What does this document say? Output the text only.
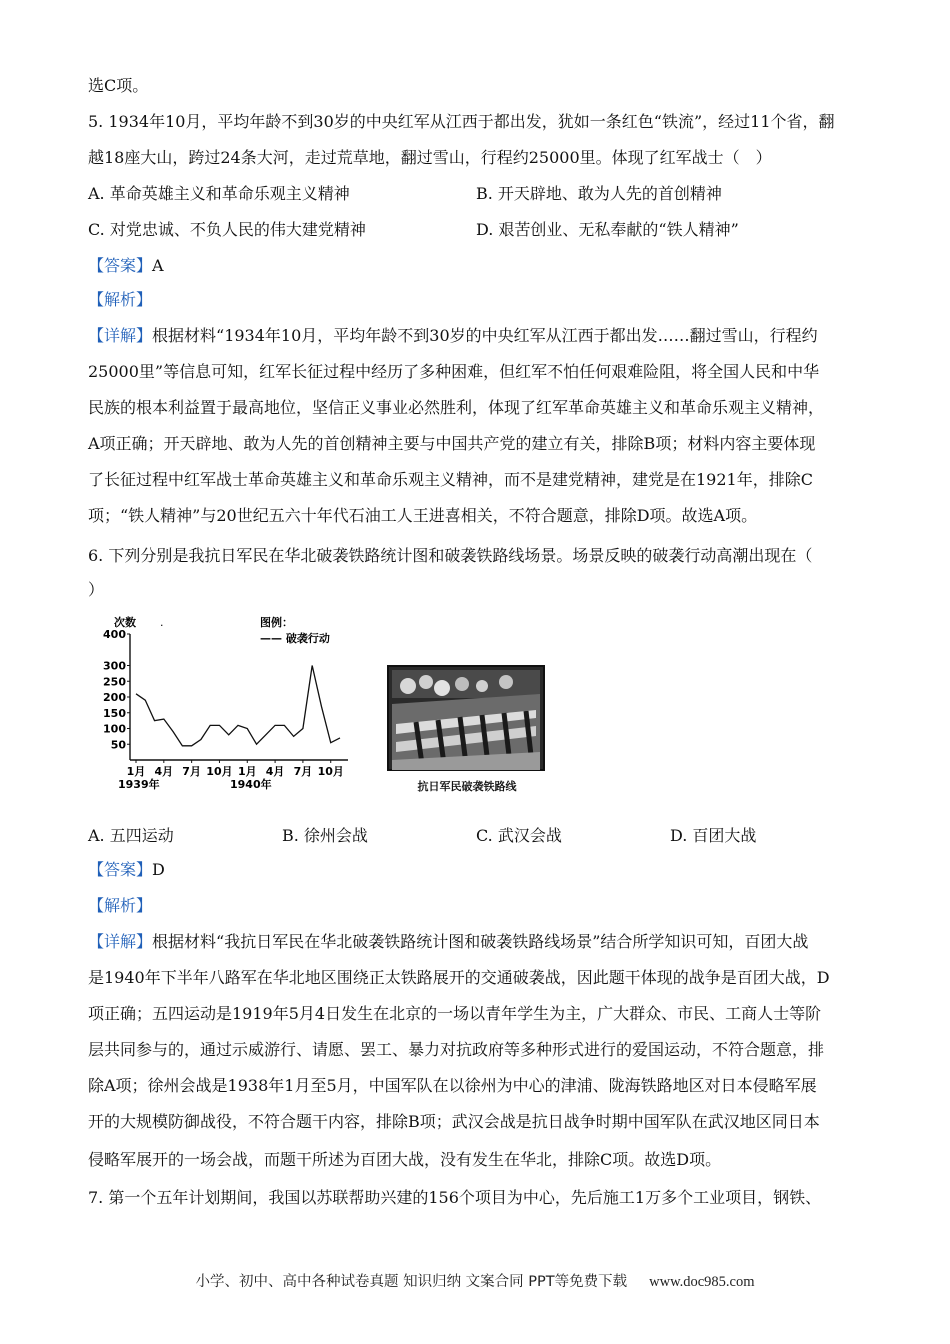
选C项。
5. 1934年10月，平均年龄不到30岁的中央红军从江西于都出发，犹如一条红色“铁流”，经过11个省，翻
越18座大山，跨过24条大河，走过荒草地，翻过雪山，行程约25000里。体现了红军战士（　）
A. 革命英雄主义和革命乐观主义精神	B. 开天辟地、敢为人先的首创精神
C. 对党忠诚、不负人民的伟大建党精神	D. 艰苦创业、无私奉献的“铁人精神”
【答案】A
【解析】
【详解】根据材料“1934年10月，平均年龄不到30岁的中央红军从江西于都出发……翻过雪山，行程约
25000里”等信息可知，红军长征过程中经历了多种困难，但红军不怕任何艰难险阻，将全国人民和中华
民族的根本利益置于最高地位，坚信正义事业必然胜利，体现了红军革命英雄主义和革命乐观主义精神，
A项正确；开天辟地、敢为人先的首创精神主要与中国共产党的建立有关，排除B项；材料内容主要体现
了长征过程中红军战士革命英雄主义和革命乐观主义精神，而不是建党精神，建党是在1921年，排除C
项；“铁人精神”与20世纪五六十年代石油工人王进喜相关，不符合题意，排除D项。故选A项。
6. 下列分别是我抗日军民在华北破袭铁路统计图和破袭铁路线场景。场景反映的破袭行动高潮出现在（
）
次数 .	图例：
—— 破袭行动
400
300
250
200
150
100
50
1月 4月 7月 10月 1月 4月 7月 10月
1939年	1940年	抗日军民破袭铁路线
A. 五四运动	B. 徐州会战	C. 武汉会战	D. 百团大战
【答案】D
【解析】
【详解】根据材料“我抗日军民在华北破袭铁路统计图和破袭铁路线场景”结合所学知识可知，百团大战
是1940年下半年八路军在华北地区围绕正太铁路展开的交通破袭战，因此题干体现的战争是百团大战，D
项正确；五四运动是1919年5月4日发生在北京的一场以青年学生为主，广大群众、市民、工商人士等阶
层共同参与的，通过示威游行、请愿、罢工、暴力对抗政府等多种形式进行的爱国运动，不符合题意，排
除A项；徐州会战是1938年1月至5月，中国军队在以徐州为中心的津浦、陇海铁路地区对日本侵略军展
开的大规模防御战役，不符合题干内容，排除B项；武汉会战是抗日战争时期中国军队在武汉地区同日本
侵略军展开的一场会战，而题干所述为百团大战，没有发生在华北，排除C项。故选D项。
7. 第一个五年计划期间，我国以苏联帮助兴建的156个项目为中心，先后施工1万多个工业项目，钢铁、
小学、初中、高中各种试卷真题 知识归纳 文案合同 PPT等免费下载 www.doc985.com
